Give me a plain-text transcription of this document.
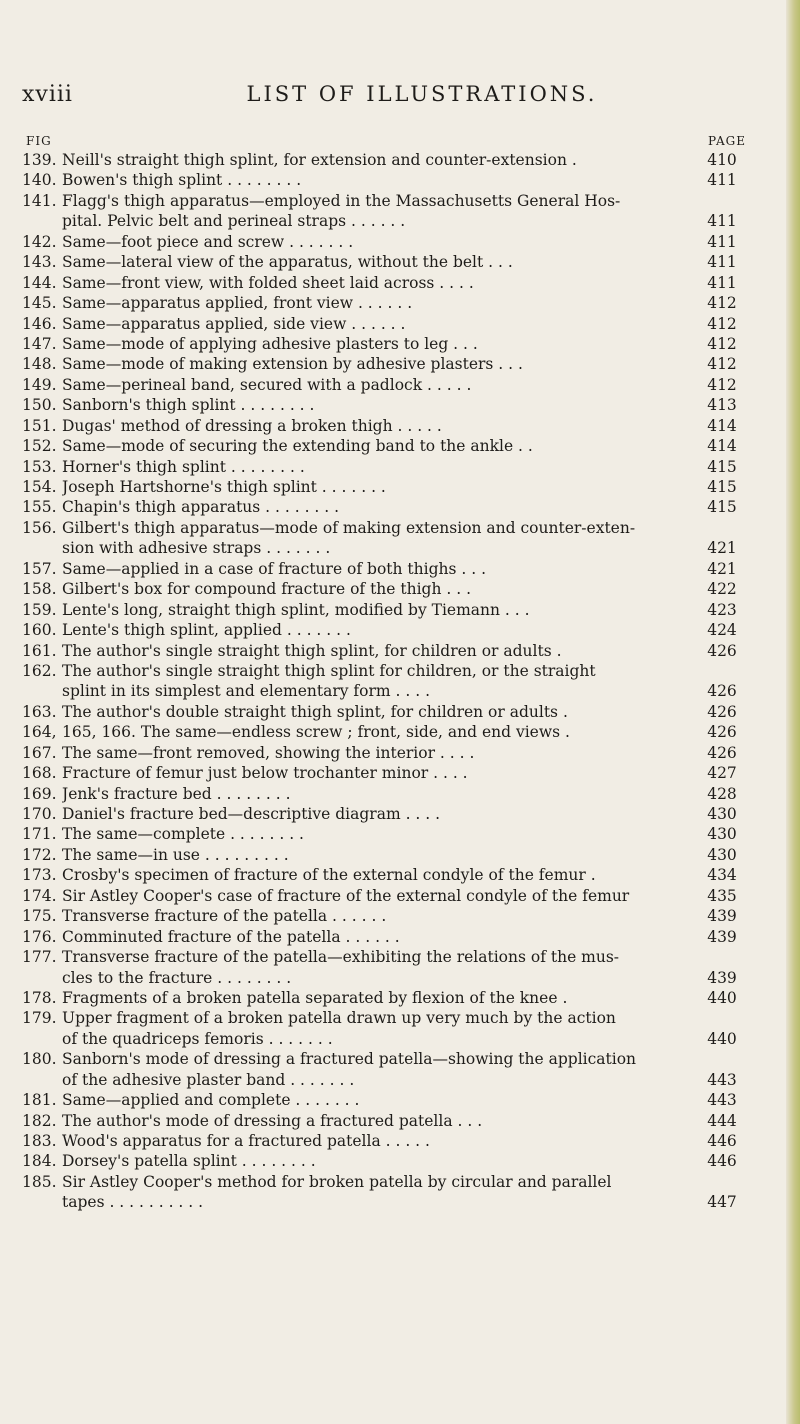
xviii	LIST OF ILLUSTRATIONS.
FIG	PAGE
139. Neill's straight thigh splint, for extension and counter-extension .	410
140. Bowen's thigh splint . . . . . . . .	411
141. Flagg's thigh apparatus—employed in the Massachusetts General Hos-
pital. Pelvic belt and perineal straps . . . . . .	411
142. Same—foot piece and screw . . . . . . .	411
143. Same—lateral view of the apparatus, without the belt . . .	411
144. Same—front view, with folded sheet laid across . . . .	411
145. Same—apparatus applied, front view . . . . . .	412
146. Same—apparatus applied, side view . . . . . .	412
147. Same—mode of applying adhesive plasters to leg . . .	412
148. Same—mode of making extension by adhesive plasters . . .	412
149. Same—perineal band, secured with a padlock . . . . .	412
150. Sanborn's thigh splint . . . . . . . .	413
151. Dugas' method of dressing a broken thigh . . . . .	414
152. Same—mode of securing the extending band to the ankle . .	414
153. Horner's thigh splint . . . . . . . .	415
154. Joseph Hartshorne's thigh splint . . . . . . .	415
155. Chapin's thigh apparatus . . . . . . . .	415
156. Gilbert's thigh apparatus—mode of making extension and counter-exten-
sion with adhesive straps . . . . . . .	421
157. Same—applied in a case of fracture of both thighs . . .	421
158. Gilbert's box for compound fracture of the thigh . . .	422
159. Lente's long, straight thigh splint, modified by Tiemann . . .	423
160. Lente's thigh splint, applied . . . . . . .	424
161. The author's single straight thigh splint, for children or adults .	426
162. The author's single straight thigh splint for children, or the straight
splint in its simplest and elementary form . . . .	426
163. The author's double straight thigh splint, for children or adults .	426
164, 165, 166. The same—endless screw ; front, side, and end views .	426
167. The same—front removed, showing the interior . . . .	426
168. Fracture of femur just below trochanter minor . . . .	427
169. Jenk's fracture bed . . . . . . . .	428
170. Daniel's fracture bed—descriptive diagram . . . .	430
171. The same—complete . . . . . . . .	430
172. The same—in use . . . . . . . . .	430
173. Crosby's specimen of fracture of the external condyle of the femur .	434
174. Sir Astley Cooper's case of fracture of the external condyle of the femur	435
175. Transverse fracture of the patella . . . . . .	439
176. Comminuted fracture of the patella . . . . . .	439
177. Transverse fracture of the patella—exhibiting the relations of the mus-
cles to the fracture . . . . . . . .	439
178. Fragments of a broken patella separated by flexion of the knee .	440
179. Upper fragment of a broken patella drawn up very much by the action
of the quadriceps femoris . . . . . . .	440
180. Sanborn's mode of dressing a fractured patella—showing the application
of the adhesive plaster band . . . . . . .	443
181. Same—applied and complete . . . . . . .	443
182. The author's mode of dressing a fractured patella . . .	444
183. Wood's apparatus for a fractured patella . . . . .	446
184. Dorsey's patella splint . . . . . . . .	446
185. Sir Astley Cooper's method for broken patella by circular and parallel
tapes . . . . . . . . . .	447
